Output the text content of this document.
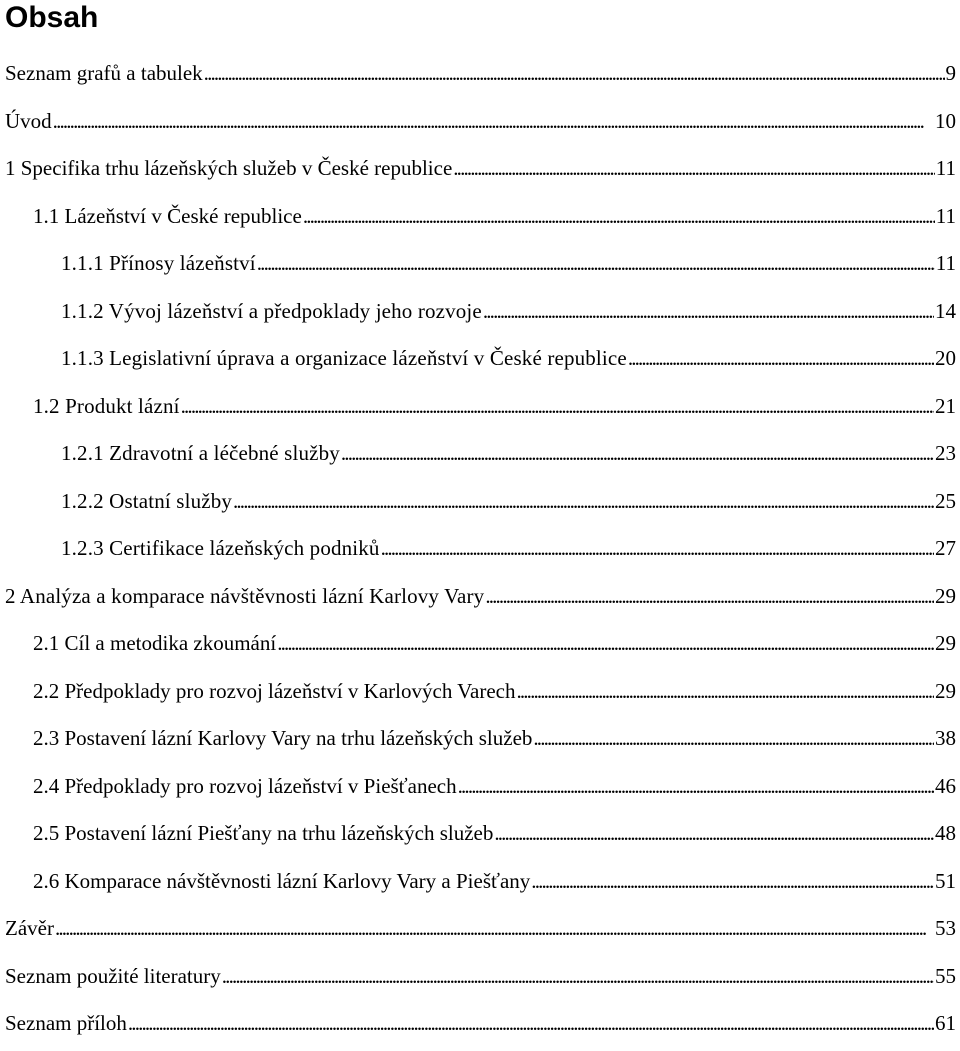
Obsah
Seznam grafů a tabulek . . .	9
Úvod . . .	10
1 Specifika trhu lázeňských služeb v České republice . . .	11
1.1 Lázeňství v České republice . . .	11
1.1.1 Přínosy lázeňství . . .	11
1.1.2 Vývoj lázeňství a předpoklady jeho rozvoje . . .	14
1.1.3 Legislativní úprava a organizace lázeňství v České republice . . .	20
1.2 Produkt lázní . . .	21
1.2.1 Zdravotní a léčebné služby . . .	23
1.2.2 Ostatní služby . . .	25
1.2.3 Certifikace lázeňských podniků . . .	27
2 Analýza a komparace návštěvnosti lázní Karlovy Vary . . .	29
2.1 Cíl a metodika zkoumání . . .	29
2.2 Předpoklady pro rozvoj lázeňství v Karlových Varech . . .	29
2.3 Postavení lázní Karlovy Vary na trhu lázeňských služeb . . .	38
2.4 Předpoklady pro rozvoj lázeňství v Piešťanech . . .	46
2.5 Postavení lázní Piešťany na trhu lázeňských služeb . . .	48
2.6 Komparace návštěvnosti lázní Karlovy Vary a Piešťany . . .	51
Závěr . . .	53
Seznam použité literatury . . .	55
Seznam příloh . . .	61
